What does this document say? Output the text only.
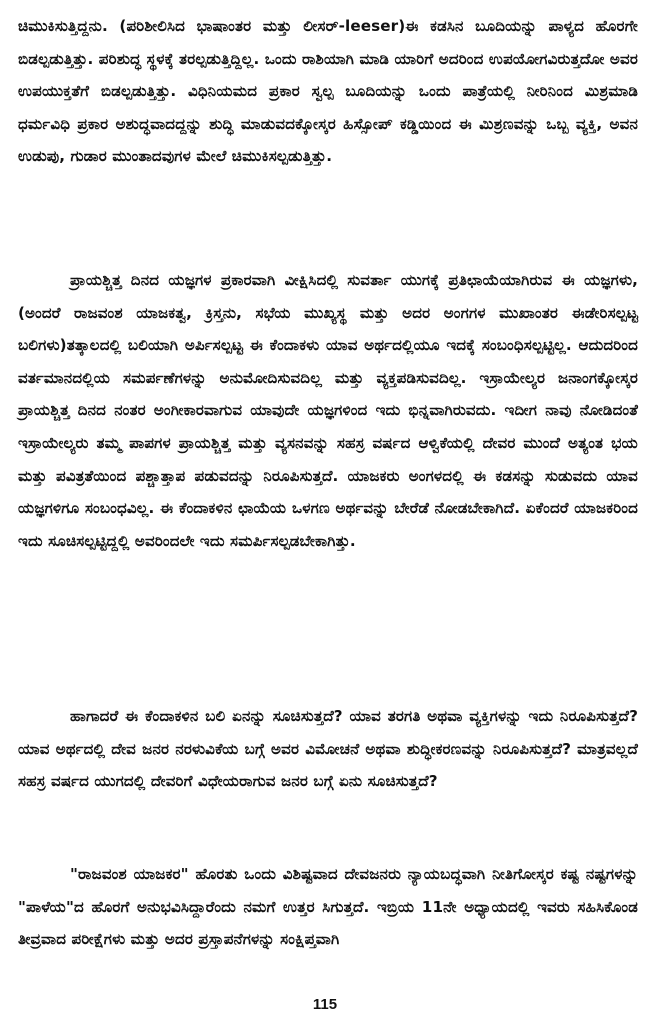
ಚಿಮುಕಿಸುತ್ತಿದ್ದನು. (ಪರಿಶೀಲಿಸಿದ ಭಾಷಾಂತರ ಮತ್ತು ಲೀಸರ್-leeser)ಈ ಕಡಸಿನ ಬೂದಿಯನ್ನು ಪಾಳ್ಯದ ಹೊರಗೇ ಬಿಡಲ್ಪಡುತ್ತಿತ್ತು. ಪರಿಶುದ್ಧ ಸ್ಥಳಕ್ಕೆ ತರಲ್ಪಡುತ್ತಿದ್ದಿಲ್ಲ. ಒಂದು ರಾಶಿಯಾಗಿ ಮಾಡಿ ಯಾರಿಗೆ ಅದರಿಂದ ಉಪಯೋಗವಿರುತ್ತದೋ ಅವರ ಉಪಯುಕ್ತತೆಗೆ ಬಿಡಲ್ಪಡುತ್ತಿತ್ತು. ವಿಧಿನಿಯಮದ ಪ್ರಕಾರ ಸ್ವಲ್ಪ ಬೂದಿಯನ್ನು ಒಂದು ಪಾತ್ರೆಯಲ್ಲಿ ನೀರಿನಿಂದ ಮಿಶ್ರಮಾಡಿ ಧರ್ಮವಿಧಿ ಪ್ರಕಾರ ಅಶುದ್ಧವಾದದ್ದನ್ನು ಶುದ್ಧಿ ಮಾಡುವದಕ್ಕೋಸ್ಕರ ಹಿಸ್ಸೋಪ್ ಕಡ್ಡಿಯಿಂದ ಈ ಮಿಶ್ರಣವನ್ನು ಒಬ್ಬ ವ್ಯಕ್ತಿ, ಅವನ ಉಡುಪು, ಗುಡಾರ ಮುಂತಾದವುಗಳ ಮೇಲೆ ಚಿಮುಕಿಸಲ್ಪಡುತ್ತಿತ್ತು.

ಪ್ರಾಯಶ್ಚಿತ್ತ ದಿನದ ಯಜ್ಞಗಳ ಪ್ರಕಾರವಾಗಿ ವೀಕ್ಷಿಸಿದಲ್ಲಿ ಸುವರ್ತಾ ಯುಗಕ್ಕೆ ಪ್ರತಿಛಾಯೆಯಾಗಿರುವ ಈ ಯಜ್ಞಗಳು, (ಅಂದರೆ ರಾಜವಂಶ ಯಾಜಕತ್ವ, ಕ್ರಿಸ್ತನು, ಸಭೆಯ ಮುಖ್ಯಸ್ಥ ಮತ್ತು ಅದರ ಅಂಗಗಳ ಮುಖಾಂತರ ಈಡೇರಿಸಲ್ಪಟ್ಟ ಬಲಿಗಳು)ತತ್ಕಾಲದಲ್ಲಿ ಬಲಿಯಾಗಿ ಅರ್ಪಿಸಲ್ಪಟ್ಟ ಈ ಕೆಂದಾಕಳು ಯಾವ ಅರ್ಥದಲ್ಲಿಯೂ ಇದಕ್ಕೆ ಸಂಬಂಧಿಸಲ್ಪಟ್ಟಿಲ್ಲ. ಆದುದರಿಂದ ವರ್ತಮಾನದಲ್ಲಿಯ ಸಮರ್ಪಣೆಗಳನ್ನು ಅನುಮೋದಿಸುವದಿಲ್ಲ ಮತ್ತು ವ್ಯಕ್ತಪಡಿಸುವದಿಲ್ಲ. ಇಸ್ರಾಯೇಲ್ಯರ ಜನಾಂಗಕ್ಕೋಸ್ಕರ ಪ್ರಾಯಶ್ಚಿತ್ತ ದಿನದ ನಂತರ ಅಂಗೀಕಾರವಾಗುವ ಯಾವುದೇ ಯಜ್ಞಗಳಿಂದ ಇದು ಭಿನ್ನವಾಗಿರುವದು. ಇದೀಗ ನಾವು ನೋಡಿದಂತೆ ಇಸ್ರಾಯೇಲ್ಯರು ತಮ್ಮ ಪಾಪಗಳ ಪ್ರಾಯಶ್ಚಿತ್ತ ಮತ್ತು ವ್ಯಸನವನ್ನು ಸಹಸ್ರ ವರ್ಷದ ಆಳ್ವಿಕೆಯಲ್ಲಿ ದೇವರ ಮುಂದೆ ಅತ್ಯಂತ ಭಯ ಮತ್ತು ಪವಿತ್ರತೆಯಿಂದ ಪಶ್ಚಾತ್ತಾಪ ಪಡುವದನ್ನು ನಿರೂಪಿಸುತ್ತದೆ. ಯಾಜಕರು ಅಂಗಳದಲ್ಲಿ ಈ ಕಡಸನ್ನು ಸುಡುವದು ಯಾವ ಯಜ್ಞಗಳಿಗೂ ಸಂಬಂಧವಿಲ್ಲ. ಈ ಕೆಂದಾಕಳಿನ ಛಾಯೆಯ ಒಳಗಣ ಅರ್ಥವನ್ನು ಬೇರೆಡೆ ನೋಡಬೇಕಾಗಿದೆ. ಏಕೆಂದರೆ ಯಾಜಕರಿಂದ ಇದು ಸೂಚಿಸಲ್ಪಟ್ಟಿದ್ದಲ್ಲಿ ಅವರಿಂದಲೇ ಇದು ಸಮರ್ಪಿಸಲ್ಪಡಬೇಕಾಗಿತ್ತು.

ಹಾಗಾದರೆ ಈ ಕೆಂದಾಕಳಿನ ಬಲಿ ಏನನ್ನು ಸೂಚಿಸುತ್ತದೆ? ಯಾವ ತರಗತಿ ಅಥವಾ ವ್ಯಕ್ತಿಗಳನ್ನು ಇದು ನಿರೂಪಿಸುತ್ತದೆ? ಯಾವ ಅರ್ಥದಲ್ಲಿ ದೇವ ಜನರ ನರಳುವಿಕೆಯ ಬಗ್ಗೆ ಅವರ ವಿಮೋಚನೆ ಅಥವಾ ಶುದ್ಧೀಕರಣವನ್ನು ನಿರೂಪಿಸುತ್ತದೆ? ಮಾತ್ರವಲ್ಲದೆ ಸಹಸ್ರ ವರ್ಷದ ಯುಗದಲ್ಲಿ ದೇವರಿಗೆ ವಿಧೇಯರಾಗುವ ಜನರ ಬಗ್ಗೆ ಏನು ಸೂಚಿಸುತ್ತದೆ?

"ರಾಜವಂಶ ಯಾಜಕರ" ಹೊರತು ಒಂದು ವಿಶಿಷ್ಟವಾದ ದೇವಜನರು ನ್ಯಾಯಬದ್ಧವಾಗಿ ನೀತಿಗೋಸ್ಕರ ಕಷ್ಟ ನಷ್ಟಗಳನ್ನು "ಪಾಳೆಯ"ದ ಹೊರಗೆ ಅನುಭವಿಸಿದ್ದಾರೆಂದು ನಮಗೆ ಉತ್ತರ ಸಿಗುತ್ತದೆ. ಇಬ್ರಿಯ 11ನೇ ಅಧ್ಯಾಯದಲ್ಲಿ ಇವರು ಸಹಿಸಿಕೊಂಡ ತೀವ್ರವಾದ ಪರೀಕ್ಷೆಗಳು ಮತ್ತು ಅದರ ಪ್ರಸ್ತಾಪನೆಗಳನ್ನು ಸಂಕ್ಷಿಪ್ತವಾಗಿ

115
